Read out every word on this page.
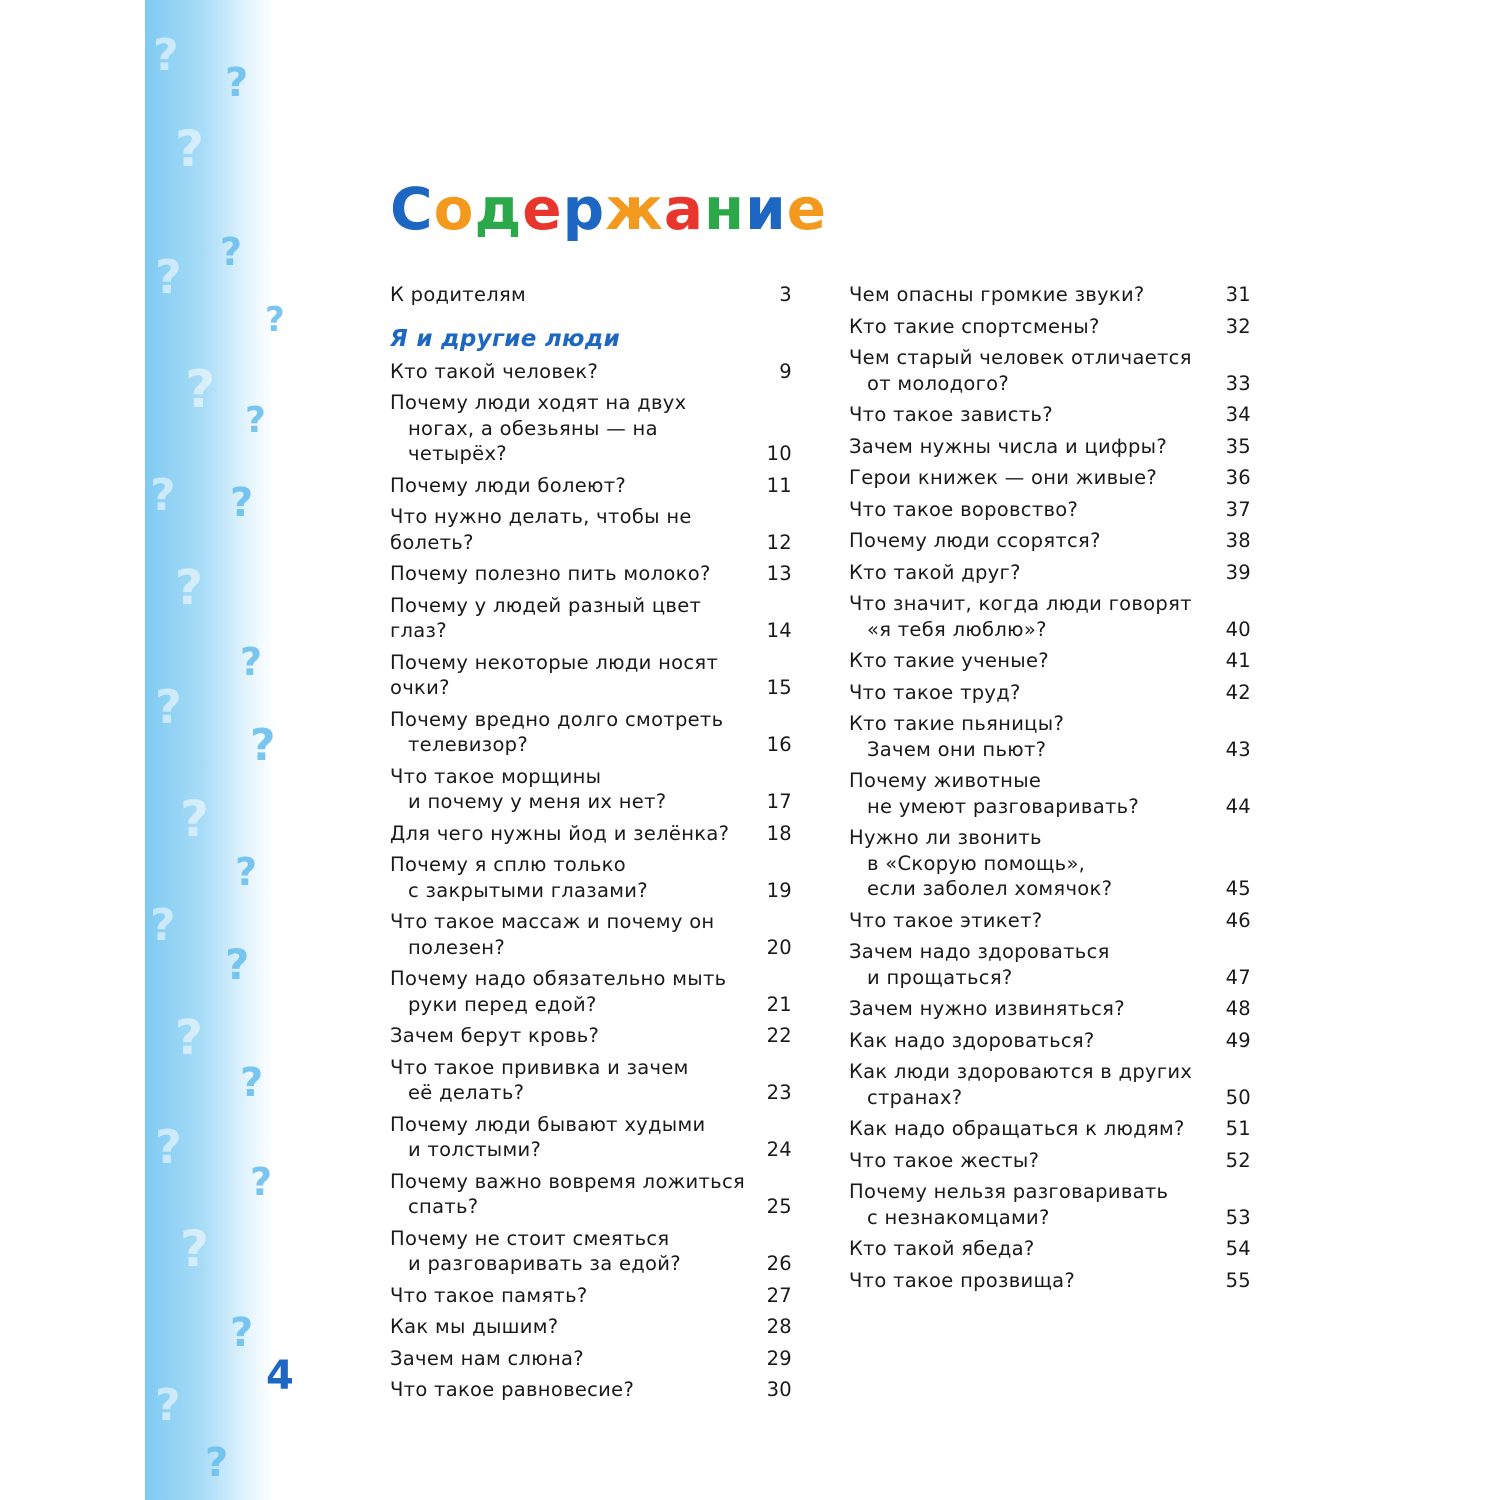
?
?
?
?
?
?
?
?
? ?
?
?
?
?
?
?
?
?
?
?
?
?
?
?
?
?
4
Содержание
К родителям	3
Я и другие люди
Кто такой человек?	9
Почему люди ходят на двух
ногах, а обезьяны — на четырёх?	10
Почему люди болеют?	11
Что нужно делать, чтобы не болеть?	12
Почему полезно пить молоко?	13
Почему у людей разный цвет глаз?	14
Почему некоторые люди носят очки?	15
Почему вредно долго смотреть
телевизор?	16
Что такое морщины
и почему у меня их нет?	17
Для чего нужны йод и зелёнка?	18
Почему я сплю только
с закрытыми глазами?	19
Что такое массаж и почему он
полезен?	20
Почему надо обязательно мыть
руки перед едой?	21
Зачем берут кровь?	22
Что такое прививка и зачем
её делать?	23
Почему люди бывают худыми
и толстыми?	24
Почему важно вовремя ложиться
спать?	25
Почему не стоит смеяться
и разговаривать за едой?	26
Что такое память?	27
Как мы дышим?	28
Зачем нам слюна?	29
Что такое равновесие?	30
Чем опасны громкие звуки?	31
Кто такие спортсмены?	32
Чем старый человек отличается
от молодого?	33
Что такое зависть?	34
Зачем нужны числа и цифры?	35
Герои книжек — они живые?	36
Что такое воровство?	37
Почему люди ссорятся?	38
Кто такой друг?	39
Что значит, когда люди говорят
«я тебя люблю»?	40
Кто такие ученые?	41
Что такое труд?	42
Кто такие пьяницы?
Зачем они пьют?	43
Почему животные
не умеют разговаривать?	44
Нужно ли звонить
в «Скорую помощь»,
если заболел хомячок?	45
Что такое этикет?	46
Зачем надо здороваться
и прощаться?	47
Зачем нужно извиняться?	48
Как надо здороваться?	49
Как люди здороваются в других
странах?	50
Как надо обращаться к людям?	51
Что такое жесты?	52
Почему нельзя разговаривать
с незнакомцами?	53
Кто такой ябеда?	54
Что такое прозвища?	55
